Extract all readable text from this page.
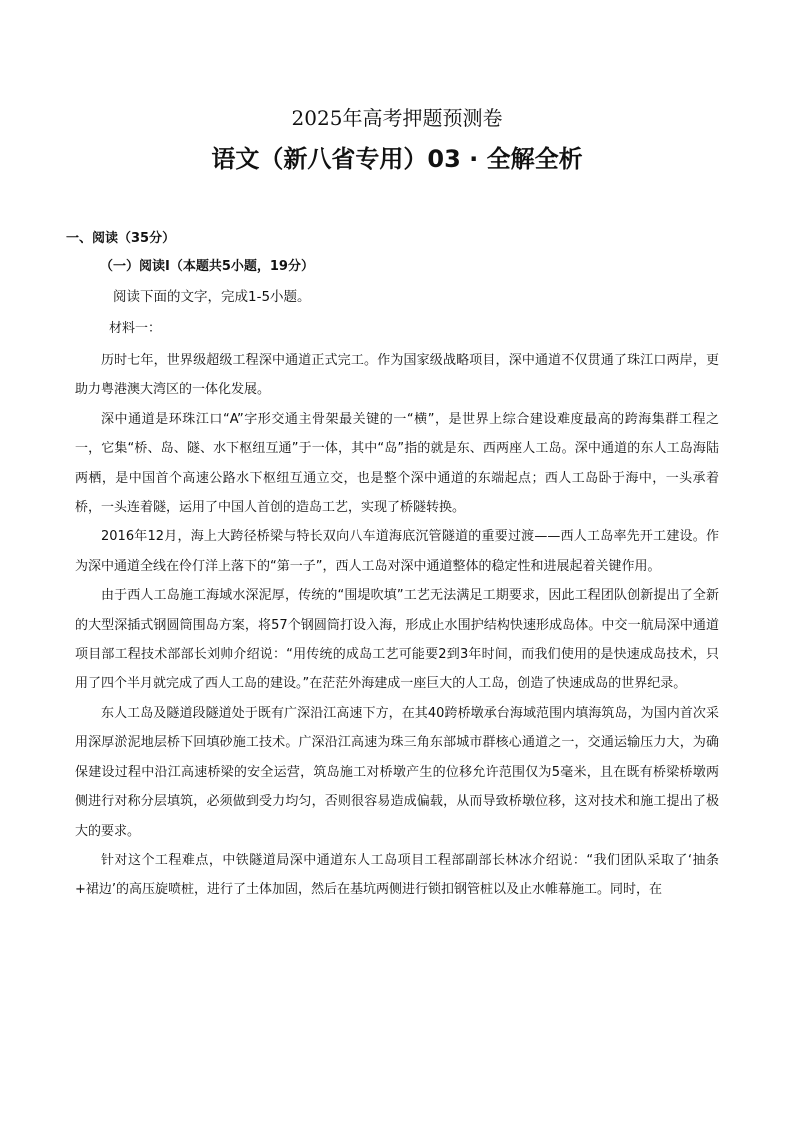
2025年高考押题预测卷
语文（新八省专用）03 · 全解全析
一、阅读（35分）
（一）阅读Ⅰ（本题共5小题，19分）
阅读下面的文字，完成1-5小题。
材料一：

历时七年，世界级超级工程深中通道正式完工。作为国家级战略项目，深中通道不仅贯通了珠江口两岸，更助力粤港澳大湾区的一体化发展。

深中通道是环珠江口“A”字形交通主骨架最关键的一“横”，是世界上综合建设难度最高的跨海集群工程之一，它集“桥、岛、隧、水下枢纽互通”于一体，其中“岛”指的就是东、西两座人工岛。深中通道的东人工岛海陆两栖，是中国首个高速公路水下枢纽互通立交，也是整个深中通道的东端起点；西人工岛卧于海中，一头承着桥，一头连着隧，运用了中国人首创的造岛工艺，实现了桥隧转换。

2016年12月，海上大跨径桥梁与特长双向八车道海底沉管隧道的重要过渡——西人工岛率先开工建设。作为深中通道全线在伶仃洋上落下的“第一子”，西人工岛对深中通道整体的稳定性和进展起着关键作用。

由于西人工岛施工海域水深泥厚，传统的“围堤吹填”工艺无法满足工期要求，因此工程团队创新提出了全新的大型深插式钢圆筒围岛方案，将57个钢圆筒打设入海，形成止水围护结构快速形成岛体。中交一航局深中通道项目部工程技术部部长刘帅介绍说：“用传统的成岛工艺可能要2到3年时间，而我们使用的是快速成岛技术，只用了四个半月就完成了西人工岛的建设。”在茫茫外海建成一座巨大的人工岛，创造了快速成岛的世界纪录。

东人工岛及隧道段隧道处于既有广深沿江高速下方，在其40跨桥墩承台海域范围内填海筑岛，为国内首次采用深厚淤泥地层桥下回填砂施工技术。广深沿江高速为珠三角东部城市群核心通道之一，交通运输压力大，为确保建设过程中沿江高速桥梁的安全运营，筑岛施工对桥墩产生的位移允许范围仅为5毫米，且在既有桥梁桥墩两侧进行对称分层填筑，必须做到受力均匀，否则很容易造成偏载，从而导致桥墩位移，这对技术和施工提出了极大的要求。

针对这个工程难点，中铁隧道局深中通道东人工岛项目工程部副部长林冰介绍说：“我们团队采取了‘抽条+裙边’的高压旋喷桩，进行了土体加固，然后在基坑两侧进行锁扣钢管桩以及止水帷幕施工。同时，在
